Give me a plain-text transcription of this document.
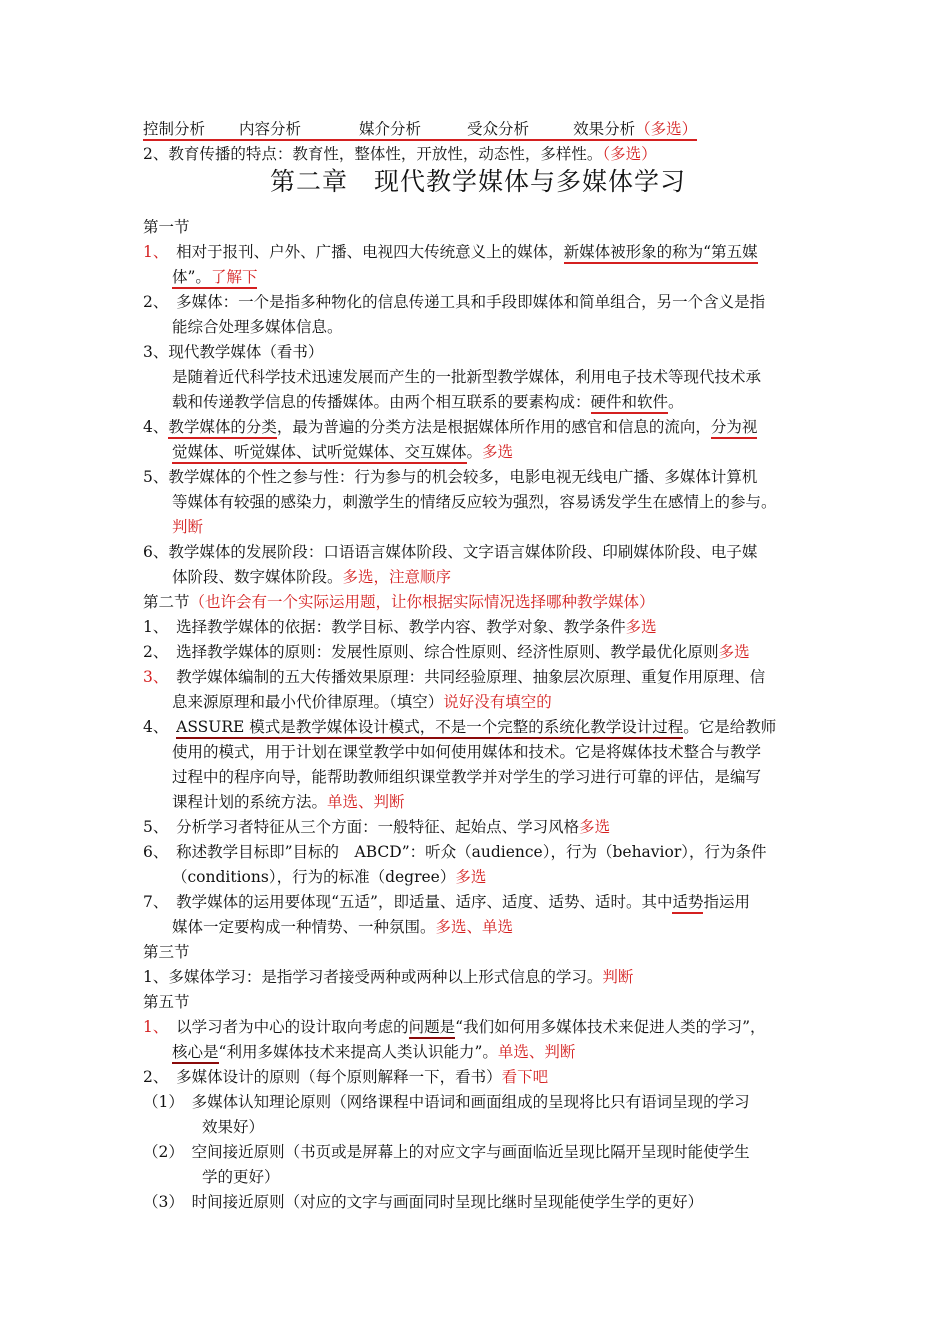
控制分析 内容分析	媒介分析	受众分析	效果分析（多选）
2、教育传播的特点：教育性，整体性，开放性，动态性，多样性。（多选）
第二章　现代教学媒体与多媒体学习
第一节
1、　 相对于报刊、户外、广播、电视四大传统意义上的媒体，新媒体被形象的称为“第五媒
体”。了解下
2、　多媒体：一个是指多种物化的信息传递工具和手段即媒体和简单组合，另一个含义是指
能综合处理多媒体信息。
3、现代教学媒体（看书）
是随着近代科学技术迅速发展而产生的一批新型教学媒体，利用电子技术等现代技术承
载和传递教学信息的传播媒体。由两个相互联系的要素构成：硬件和软件。
4、教学媒体的分类，最为普遍的分类方法是根据媒体所作用的感官和信息的流向，分为视
觉媒体、听觉媒体、试听觉媒体、交互媒体。多选
5、教学媒体的个性之参与性：行为参与的机会较多，电影电视无线电广播、多媒体计算机
等媒体有较强的感染力，刺激学生的情绪反应较为强烈，容易诱发学生在感情上的参与。
判断
6、教学媒体的发展阶段：口语语言媒体阶段、文字语言媒体阶段、印刷媒体阶段、电子媒
体阶段、数字媒体阶段。多选，注意顺序
第二节（也许会有一个实际运用题，让你根据实际情况选择哪种教学媒体）
1、　选择教学媒体的依据：教学目标、教学内容、教学对象、教学条件多选
2、　选择教学媒体的原则：发展性原则、综合性原则、经济性原则、教学最优化原则多选
3、　 教学媒体编制的五大传播效果原理：共同经验原理、抽象层次原理、重复作用原理、信
息来源原理和最小代价律原理。（填空）说好没有填空的
4、　 ASSURE 模式是教学媒体设计模式，不是一个完整的系统化教学设计过程。它是给教师
使用的模式，用于计划在课堂教学中如何使用媒体和技术。它是将媒体技术整合与教学
过程中的程序向导，能帮助教师组织课堂教学并对学生的学习进行可靠的评估，是编写
课程计划的系统方法。单选、判断
5、　分析学习者特征从三个方面：一般特征、起始点、学习风格多选
6、　称述教学目标即”目标的　ABCD”：听众（audience），行为（behavior），行为条件
（conditions），行为的标准（degree）多选
7、　教学媒体的运用要体现“五适”，即适量、适序、适度、适势、适时。其中适势指运用
媒体一定要构成一种情势、一种氛围。多选、单选
第三节
1、多媒体学习：是指学习者接受两种或两种以上形式信息的学习。判断
第五节
1、　 以学习者为中心的设计取向考虑的问题是“我们如何用多媒体技术来促进人类的学习”，
核心是“利用多媒体技术来提高人类认识能力”。单选、判断
2、　多媒体设计的原则（每个原则解释一下，看书）看下吧
（1）　 多媒体认知理论原则（网络课程中语词和画面组成的呈现将比只有语词呈现的学习
效果好）
（2）　 空间接近原则（书页或是屏幕上的对应文字与画面临近呈现比隔开呈现时能使学生
学的更好）
（3）　 时间接近原则（对应的文字与画面同时呈现比继时呈现能使学生学的更好）
